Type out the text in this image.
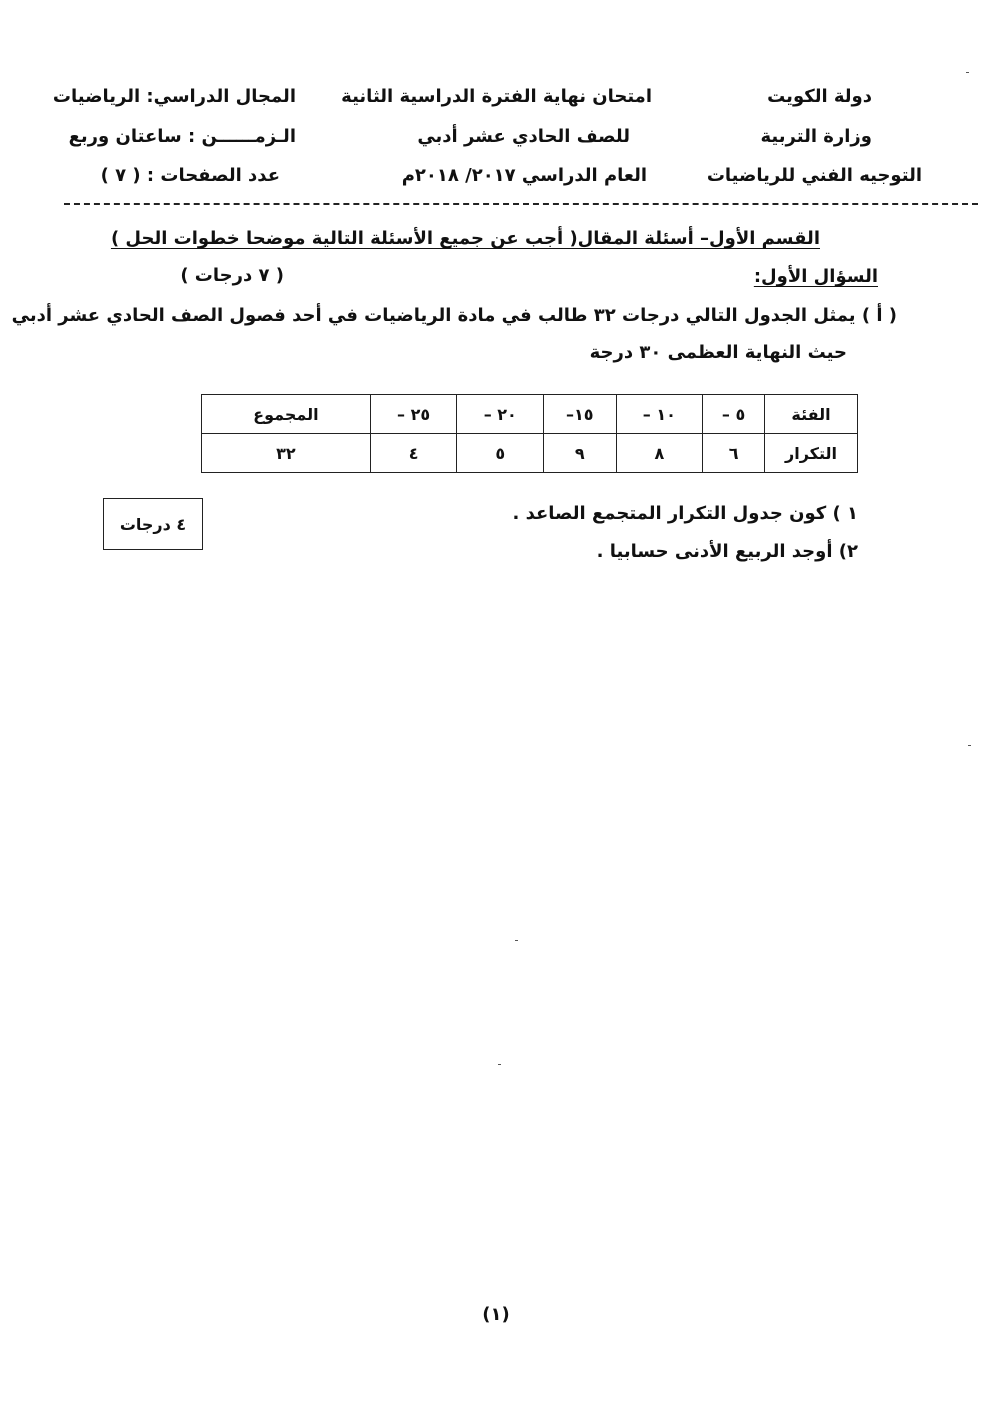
دولة الكويت
وزارة التربية
التوجيه الفني للرياضيات
امتحان نهاية الفترة الدراسية الثانية
للصف الحادي عشر أدبي
العام الدراسي ٢٠١٧/ ٢٠١٨م
المجال الدراسي: الرياضيات
الـزمــــــن : ساعتان وربع
عدد الصفحات : ( ٧ )
القسم الأول– أسئلة المقال( أجب عن جميع الأسئلة التالية موضحا خطوات الحل )
السؤال الأول:
( ٧ درجات )
( أ ) يمثل الجدول التالي درجات ٣٢ طالب في مادة الرياضيات في أحد فصول الصف الحادي عشر أدبي
حيث النهاية العظمى ٣٠ درجة
الفئة	٥ –	١٠ –	١٥–	٢٠ –	٢٥ –	المجموع
التكرار	٦	٨	٩	٥	٤	٣٢
١ ) كون جدول التكرار المتجمع الصاعد .
٢) أوجد الربيع الأدنى حسابيا .
٤ درجات
(١)
